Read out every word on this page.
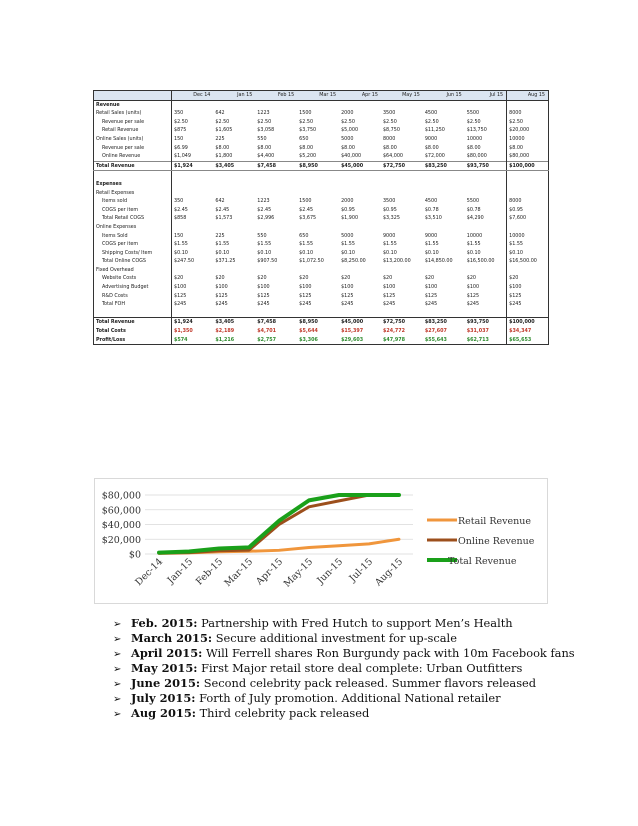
	Dec 14	Jan 15	Feb 15	Mar 15	Apr 15	May 15	Jun 15	Jul 15	Aug 15
Revenue									
Retail Sales (units)	350	642	1223	1500	2000	3500	4500	5500	8000
Revenue per sale	$2.50	$2.50	$2.50	$2.50	$2.50	$2.50	$2.50	$2.50	$2.50
Retail Revenue	$875	$1,605	$3,058	$3,750	$5,000	$8,750	$11,250	$13,750	$20,000
Online Sales (units)	150	225	550	650	5000	8000	9000	10000	10000
Revenue per sale	$6.99	$8.00	$8.00	$8.00	$8.00	$8.00	$8.00	$8.00	$8.00
Online Revenue	$1,049	$1,800	$4,400	$5,200	$40,000	$64,000	$72,000	$80,000	$80,000
Total Revenue	$1,924	$3,405	$7,458	$8,950	$45,000	$72,750	$83,250	$93,750	$100,000

Expenses									
Retail Expenses									
Items sold	350	642	1223	1500	2000	3500	4500	5500	8000
COGS per item	$2.45	$2.45	$2.45	$2.45	$0.95	$0.95	$0.78	$0.78	$0.95
Total Retail COGS	$858	$1,573	$2,996	$3,675	$1,900	$3,325	$3,510	$4,290	$7,600
Online Expenses									
Items Sold	150	225	550	650	5000	9000	9000	10000	10000
COGS per item	$1.55	$1.55	$1.55	$1.55	$1.55	$1.55	$1.55	$1.55	$1.55
Shipping Costs/ Item	$0.10	$0.10	$0.10	$0.10	$0.10	$0.10	$0.10	$0.10	$0.10
Total Online COGS	$247.50	$371.25	$907.50	$1,072.50	$8,250.00	$13,200.00	$14,850.00	$16,500.00	$16,500.00
Fixed Overhead									
Website Costs	$20	$20	$20	$20	$20	$20	$20	$20	$20
Advertising Budget	$100	$100	$100	$100	$100	$100	$100	$100	$100
R&D Costs	$125	$125	$125	$125	$125	$125	$125	$125	$125
Total FOH	$245	$245	$245	$245	$245	$245	$245	$245	$245

Total Revenue	$1,924	$3,405	$7,458	$8,950	$45,000	$72,750	$83,250	$93,750	$100,000
Total Costs	$1,350	$2,189	$4,701	$5,644	$15,397	$24,772	$27,607	$31,037	$34,347
Profit/Loss	$574	$1,216	$2,757	$3,306	$29,603	$47,978	$55,643	$62,713	$65,653
$0
$20,000
$40,000
$60,000
$80,000
Dec-14 Jan-15
Feb-15
Mar-15 Apr-15
May-15 Jun-15 Jul-15
Aug-15
Retail Revenue
Online Revenue
Total Revenue
➢ Feb. 2015: Partnership with Fred Hutch to support Men’s Health
➢ March 2015: Secure additional investment for up-scale
➢ April 2015: Will Ferrell shares Ron Burgundy pack with 10m Facebook fans
➢ May 2015: First Major retail store deal complete: Urban Outfitters
➢ June 2015: Second celebrity pack released. Summer flavors released
➢ July 2015: Forth of July promotion. Additional National retailer
➢ Aug 2015: Third celebrity pack released
